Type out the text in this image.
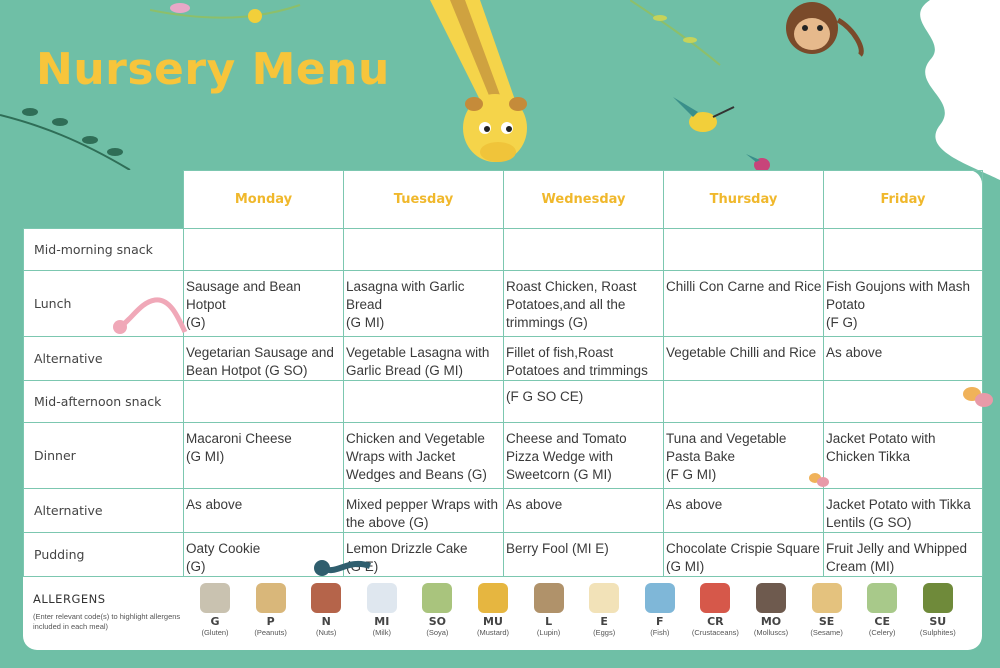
Nursery Menu
	Monday	Tuesday	Wednesday	Thursday	Friday
Mid-morning snack					
Lunch	Sausage and Bean
Hotpot
(G)	Lasagna with Garlic
Bread
(G MI)	Roast Chicken, Roast
Potatoes,and all the
trimmings (G)	Chilli Con Carne and Rice	Fish Goujons with Mash
Potato
(F G)
Alternative	Vegetarian Sausage and
Bean Hotpot (G SO)	Vegetable Lasagna with
Garlic Bread (G MI)	Fillet of fish,Roast
Potatoes and trimmings	Vegetable Chilli and Rice	As above
Mid-afternoon snack			(F G SO CE)		
Dinner	Macaroni Cheese
(G MI)	Chicken and Vegetable
Wraps with Jacket
Wedges and Beans (G)	Cheese and Tomato
Pizza Wedge with
Sweetcorn (G MI)	Tuna and Vegetable
Pasta Bake
(F G MI)	Jacket Potato with
Chicken Tikka
Alternative	As above	Mixed pepper Wraps with
the above (G)	As above	As above	Jacket Potato with Tikka
Lentils (G SO)
Pudding	Oaty Cookie
(G)	Lemon Drizzle Cake
(G E)	Berry Fool (MI E)	Chocolate Crispie Square
(G MI)	Fruit Jelly and Whipped
Cream (MI)
ALLERGENS
(Enter relevant code(s) to highlight allergens included in each meal)	G
(Gluten)
P
(Peanuts)
N
(Nuts)
MI
(Milk)
SO
(Soya)
MU
(Mustard)
L
(Lupin)
E
(Eggs)
F
(Fish)
CR
(Crustaceans)
MO
(Molluscs)
SE
(Sesame)
CE
(Celery)
SU
(Sulphites)
